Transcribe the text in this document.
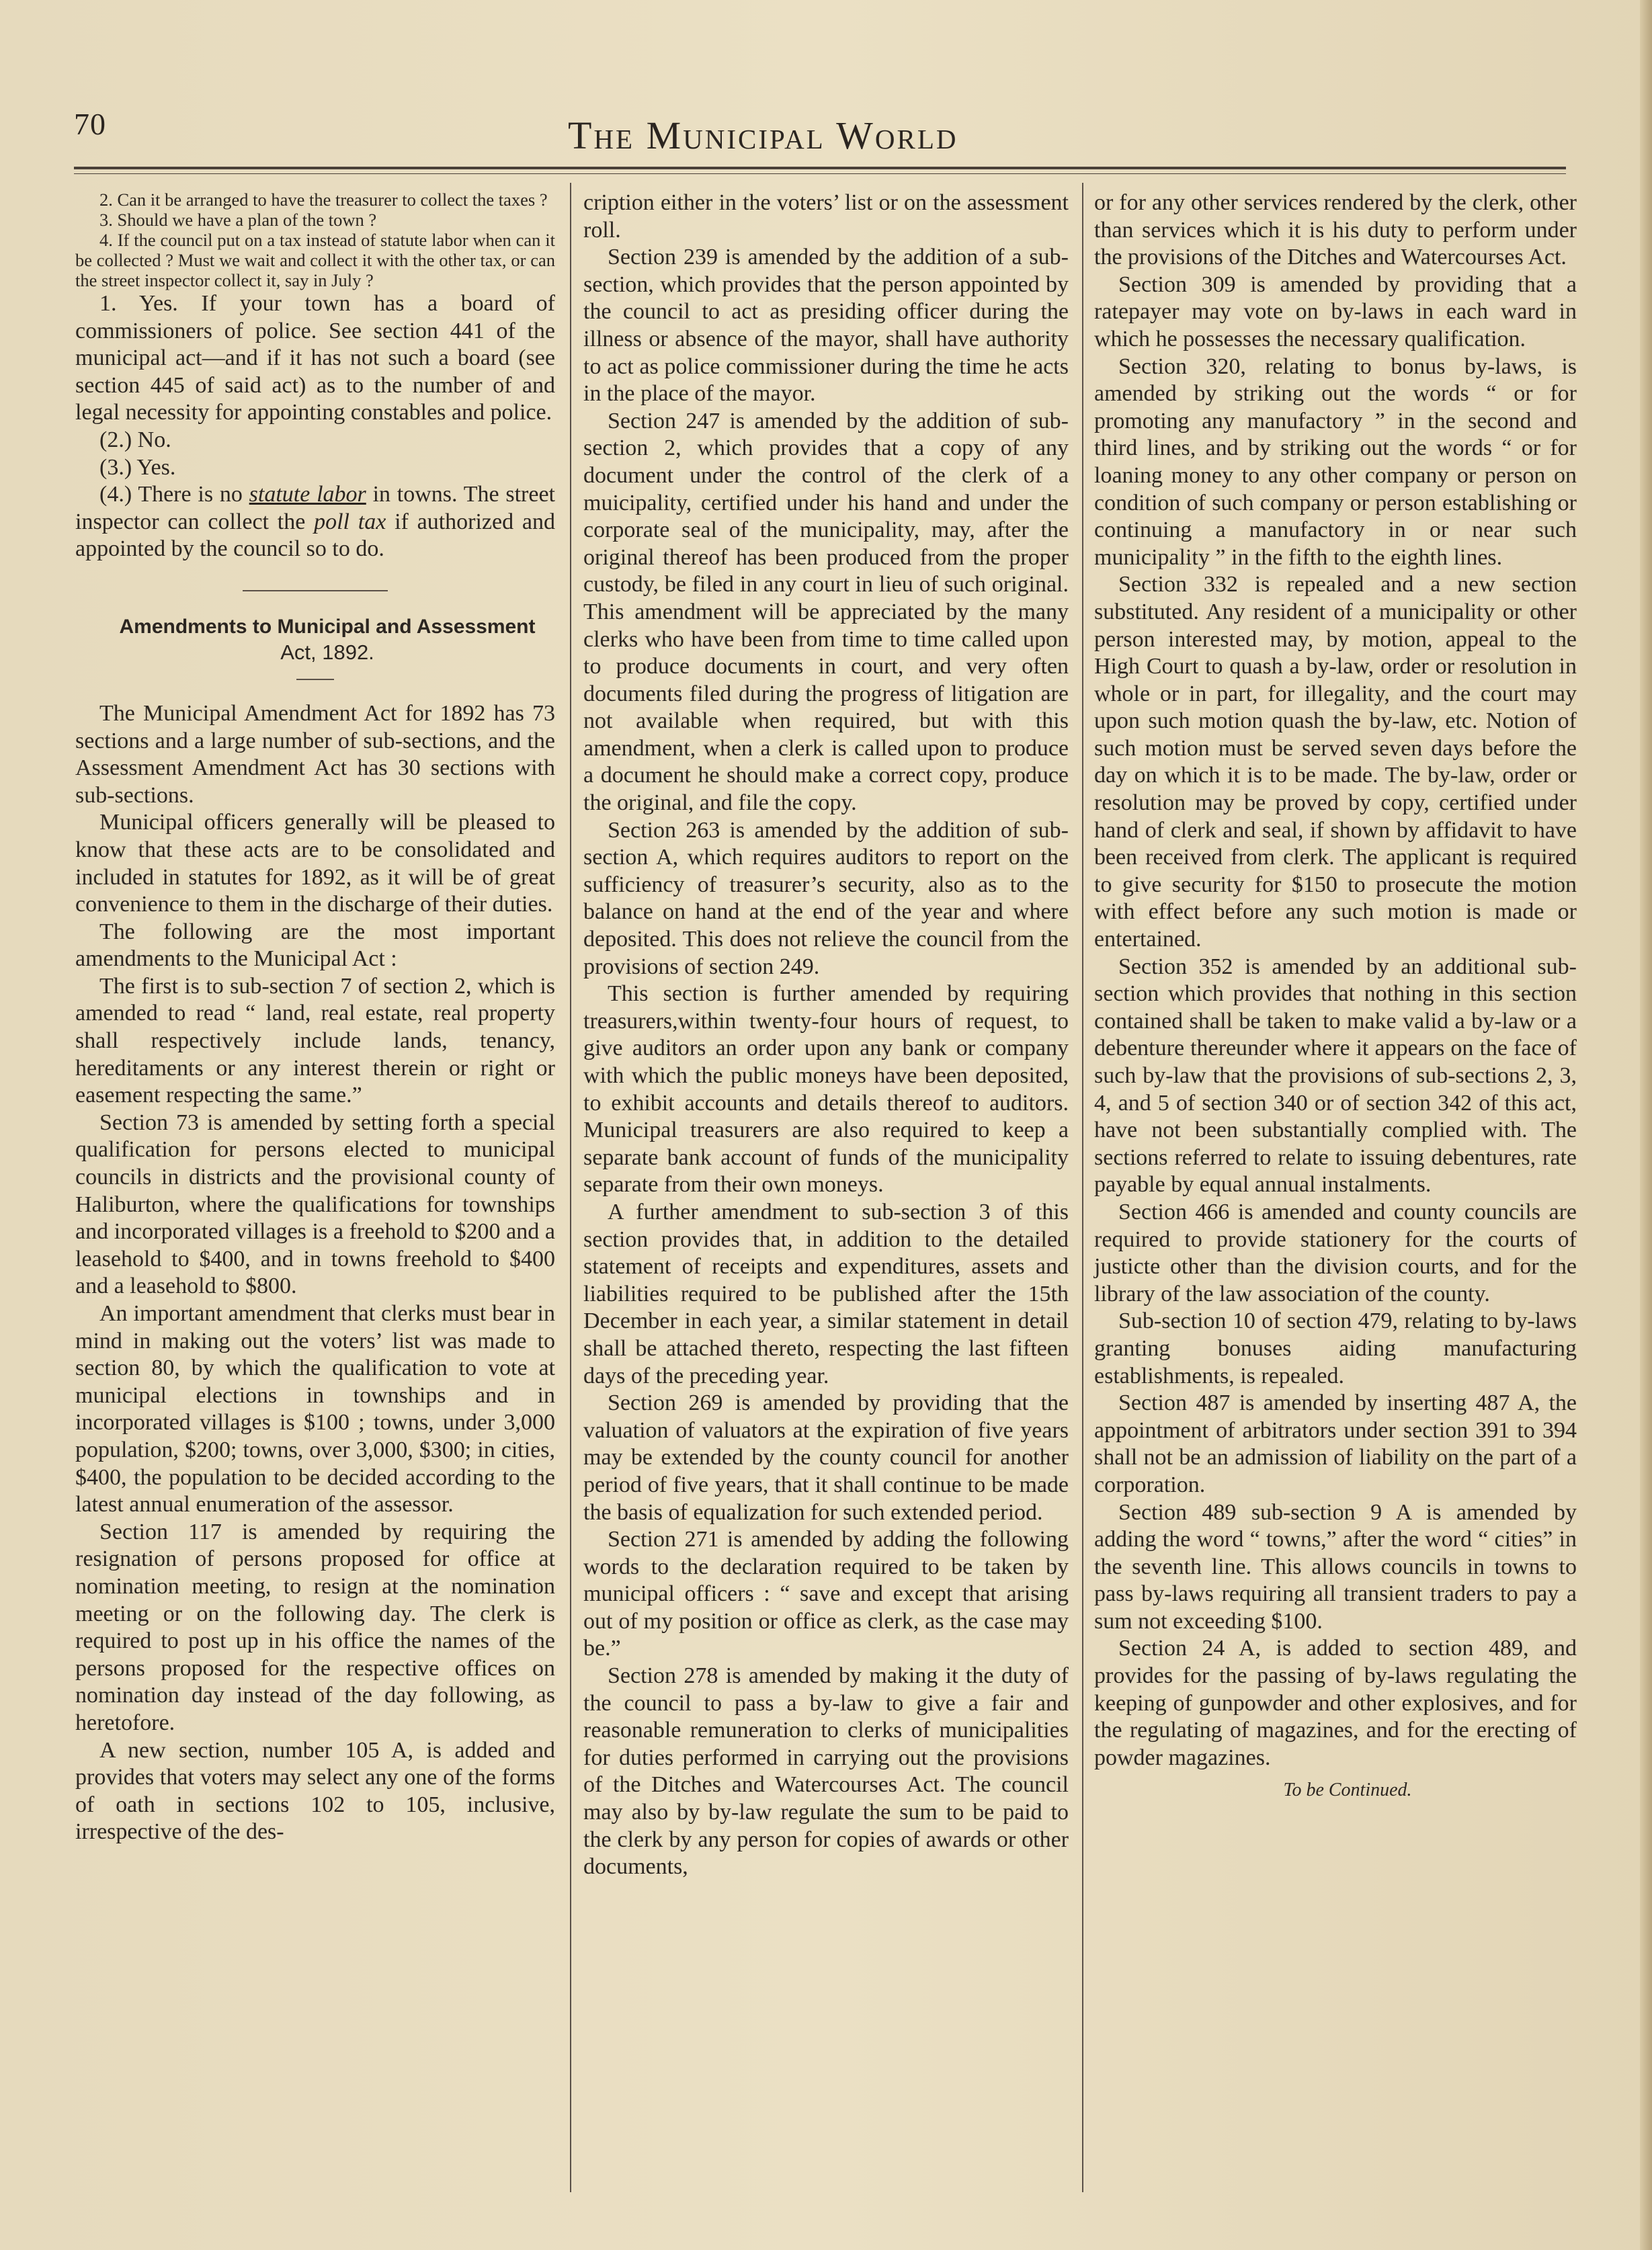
70	The Municipal World

2. Can it be arranged to have the treasurer to collect the taxes ?

3. Should we have a plan of the town ?

4. If the council put on a tax instead of statute labor when can it be collected ? Must we wait and collect it with the other tax, or can the street inspector collect it, say in July ?

1. Yes. If your town has a board of commissioners of police. See section 441 of the municipal act—and if it has not such a board (see section 445 of said act) as to the number of and legal necessity for appointing constables and police.

(2.) No.

(3.) Yes.

(4.) There is no statute labor in towns. The street inspector can collect the poll tax if authorized and appointed by the council so to do.

Amendments to Municipal and Assessment

Act, 1892.

The Municipal Amendment Act for 1892 has 73 sections and a large number of sub-sections, and the Assessment Amendment Act has 30 sections with sub-sections.

Municipal officers generally will be pleased to know that these acts are to be consolidated and included in statutes for 1892, as it will be of great convenience to them in the discharge of their duties.

The following are the most important amendments to the Municipal Act :

The first is to sub-section 7 of section 2, which is amended to read “ land, real estate, real property shall respectively include lands, tenancy, hereditaments or any interest therein or right or easement respecting the same.”

Section 73 is amended by setting forth a special qualification for persons elected to municipal councils in districts and the provisional county of Haliburton, where the qualifications for townships and incorporated villages is a freehold to $200 and a leasehold to $400, and in towns freehold to $400 and a leasehold to $800.

An important amendment that clerks must bear in mind in making out the voters’ list was made to section 80, by which the qualification to vote at municipal elections in townships and in incorporated villages is $100 ; towns, under 3,000 population, $200; towns, over 3,000, $300; in cities, $400, the population to be decided according to the latest annual enumeration of the assessor.

Section 117 is amended by requiring the resignation of persons proposed for office at nomination meeting, to resign at the nomination meeting or on the following day. The clerk is required to post up in his office the names of the persons proposed for the respective offices on nomination day instead of the day following, as heretofore.

A new section, number 105 A, is added and provides that voters may select any one of the forms of oath in sections 102 to 105, inclusive, irrespective of the des-

cription either in the voters’ list or on the assessment roll.

Section 239 is amended by the addition of a sub-section, which provides that the person appointed by the council to act as presiding officer during the illness or absence of the mayor, shall have authority to act as police commissioner during the time he acts in the place of the mayor.

Section 247 is amended by the addition of sub-section 2, which provides that a copy of any document under the control of the clerk of a muicipality, certified under his hand and under the corporate seal of the municipality, may, after the original thereof has been produced from the proper custody, be filed in any court in lieu of such original. This amendment will be appreciated by the many clerks who have been from time to time called upon to produce documents in court, and very often documents filed during the progress of litigation are not available when required, but with this amendment, when a clerk is called upon to produce a document he should make a correct copy, produce the original, and file the copy.

Section 263 is amended by the addition of sub-section A, which requires auditors to report on the sufficiency of treasurer’s security, also as to the balance on hand at the end of the year and where deposited. This does not relieve the council from the provisions of section 249.

This section is further amended by requiring treasurers,within twenty-four hours of request, to give auditors an order upon any bank or company with which the public moneys have been deposited, to exhibit accounts and details thereof to auditors. Municipal treasurers are also required to keep a separate bank account of funds of the municipality separate from their own moneys.

A further amendment to sub-section 3 of this section provides that, in addition to the detailed statement of receipts and expenditures, assets and liabilities required to be published after the 15th December in each year, a similar statement in detail shall be attached thereto, respecting the last fifteen days of the preceding year.

Section 269 is amended by providing that the valuation of valuators at the expiration of five years may be extended by the county council for another period of five years, that it shall continue to be made the basis of equalization for such extended period.

Section 271 is amended by adding the following words to the declaration required to be taken by municipal officers : “ save and except that arising out of my position or office as clerk, as the case may be.”

Section 278 is amended by making it the duty of the council to pass a by-law to give a fair and reasonable remuneration to clerks of municipalities for duties performed in carrying out the provisions of the Ditches and Watercourses Act. The council may also by by-law regulate the sum to be paid to the clerk by any person for copies of awards or other documents,

or for any other services rendered by the clerk, other than services which it is his duty to perform under the provisions of the Ditches and Watercourses Act.

Section 309 is amended by providing that a ratepayer may vote on by-laws in each ward in which he possesses the necessary qualification.

Section 320, relating to bonus by-laws, is amended by striking out the words “ or for promoting any manufactory ” in the second and third lines, and by striking out the words “ or for loaning money to any other company or person on condition of such company or person establishing or continuing a manufactory in or near such municipality ” in the fifth to the eighth lines.

Section 332 is repealed and a new section substituted. Any resident of a municipality or other person interested may, by motion, appeal to the High Court to quash a by-law, order or resolution in whole or in part, for illegality, and the court may upon such motion quash the by-law, etc. Notion of such motion must be served seven days before the day on which it is to be made. The by-law, order or resolution may be proved by copy, certified under hand of clerk and seal, if shown by affidavit to have been received from clerk. The applicant is required to give security for $150 to prosecute the motion with effect before any such motion is made or entertained.

Section 352 is amended by an additional sub-section which provides that nothing in this section contained shall be taken to make valid a by-law or a debenture thereunder where it appears on the face of such by-law that the provisions of sub-sections 2, 3, 4, and 5 of section 340 or of section 342 of this act, have not been substantially complied with. The sections referred to relate to issuing debentures, rate payable by equal annual instalments.

Section 466 is amended and county councils are required to provide stationery for the courts of justicte other than the division courts, and for the library of the law association of the county.

Sub-section 10 of section 479, relating to by-laws granting bonuses aiding manufacturing establishments, is repealed.

Section 487 is amended by inserting 487 A, the appointment of arbitrators under section 391 to 394 shall not be an admission of liability on the part of a corporation.

Section 489 sub-section 9 A is amended by adding the word “ towns,” after the word “ cities” in the seventh line. This allows councils in towns to pass by-laws requiring all transient traders to pay a sum not exceeding $100.

Section 24 A, is added to section 489, and provides for the passing of by-laws regulating the keeping of gunpowder and other explosives, and for the regulating of magazines, and for the erecting of powder magazines.

To be Continued.
